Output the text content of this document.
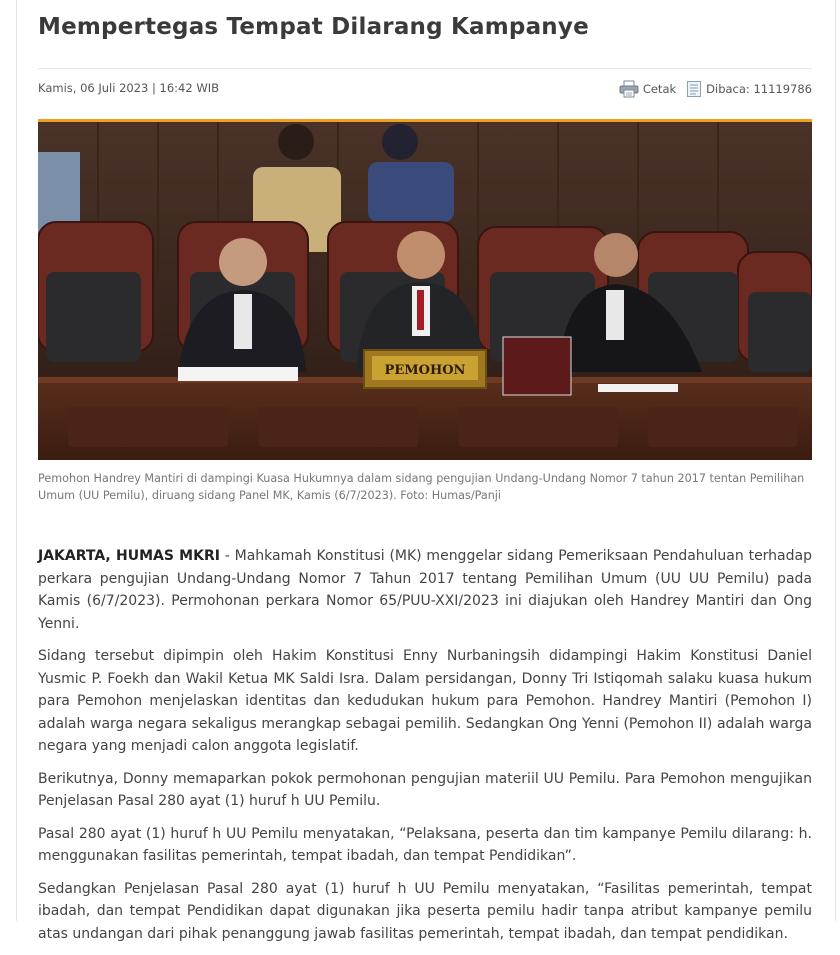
Mempertegas Tempat Dilarang Kampanye
Kamis, 06 Juli 2023 | 16:42 WIB	Cetak	Dibaca: 11119786
PEMOHON
Pemohon Handrey Mantiri di dampingi Kuasa Hukumnya dalam sidang pengujian Undang-Undang Nomor 7 tahun 2017 tentan Pemilihan Umum (UU Pemilu), diruang sidang Panel MK, Kamis (6/7/2023). Foto: Humas/Panji

JAKARTA, HUMAS MKRI - Mahkamah Konstitusi (MK) menggelar sidang Pemeriksaan Pendahuluan terhadap perkara pengujian Undang-Undang Nomor 7 Tahun 2017 tentang Pemilihan Umum (UU UU Pemilu) pada Kamis (6/7/2023). Permohonan perkara Nomor 65/PUU-XXI/2023 ini diajukan oleh Handrey Mantiri dan Ong Yenni.

Sidang tersebut dipimpin oleh Hakim Konstitusi Enny Nurbaningsih didampingi Hakim Konstitusi Daniel Yusmic P. Foekh dan Wakil Ketua MK Saldi Isra. Dalam persidangan, Donny Tri Istiqomah salaku kuasa hukum para Pemohon menjelaskan identitas dan kedudukan hukum para Pemohon. Handrey Mantiri (Pemohon I) adalah warga negara sekaligus merangkap sebagai pemilih. Sedangkan Ong Yenni (Pemohon II) adalah warga negara yang menjadi calon anggota legislatif.

Berikutnya, Donny memaparkan pokok permohonan pengujian materiil UU Pemilu. Para Pemohon mengujikan Penjelasan Pasal 280 ayat (1) huruf h UU Pemilu.

Pasal 280 ayat (1) huruf h UU Pemilu menyatakan, “Pelaksana, peserta dan tim kampanye Pemilu dilarang: h. menggunakan fasilitas pemerintah, tempat ibadah, dan tempat Pendidikan”.

Sedangkan Penjelasan Pasal 280 ayat (1) huruf h UU Pemilu menyatakan, “Fasilitas pemerintah, tempat ibadah, dan tempat Pendidikan dapat digunakan jika peserta pemilu hadir tanpa atribut kampanye pemilu atas undangan dari pihak penanggung jawab fasilitas pemerintah, tempat ibadah, dan tempat pendidikan.
